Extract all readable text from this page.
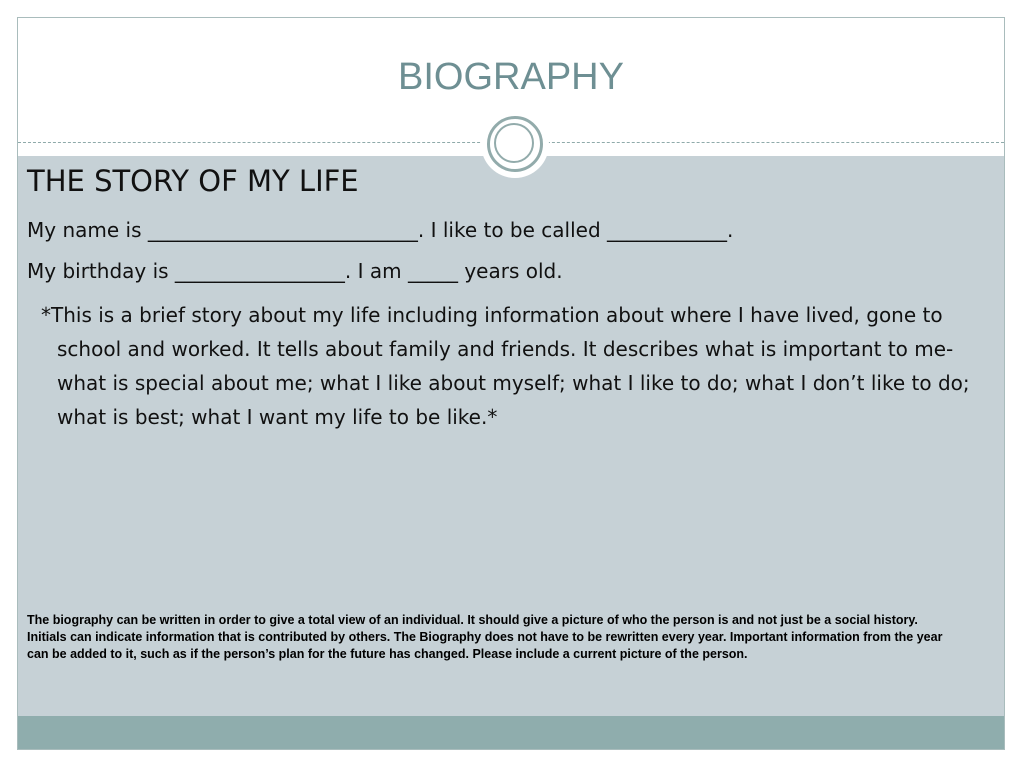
BIOGRAPHY
THE STORY OF MY LIFE
My name is ___________________________. I like to be called ____________.
My birthday is _________________. I am _____ years old.
*This is a brief story about my life including information about where I have lived, gone to school and worked. It tells about family and friends. It describes what is important to me- what is special about me; what I like about myself; what I like to do; what I don’t like to do; what is best; what I want my life to be like.*
The biography can be written in order to give a total view of an individual. It should give a picture of who the person is and not just be a social history. Initials can indicate information that is contributed by others. The Biography does not have to be rewritten every year. Important information from the year can be added to it, such as if the person’s plan for the future has changed. Please include a current picture of the person.
